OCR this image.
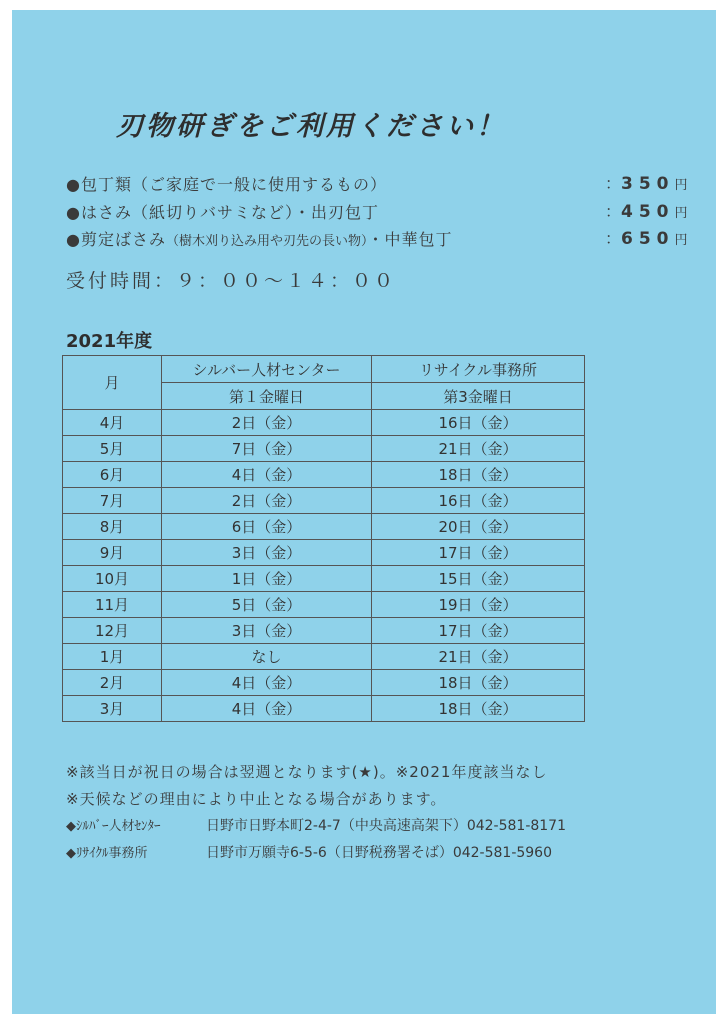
刃物研ぎをご利用ください！
●包丁類（ご家庭で一般に使用するもの）	：350円
●はさみ（紙切りバサミなど）・出刃包丁	：450円
●剪定ばさみ（樹木刈り込み用や刃先の長い物）・中華包丁	：650円
受付時間：９：００～１４：００
2021年度
月	シルバー人材センター	リサイクル事務所
	第１金曜日	第3金曜日
4月	2日（金）	16日（金）
5月	7日（金）	21日（金）
6月	4日（金）	18日（金）
7月	2日（金）	16日（金）
8月	6日（金）	20日（金）
9月	3日（金）	17日（金）
10月	1日（金）	15日（金）
11月	5日（金）	19日（金）
12月	3日（金）	17日（金）
1月	なし	21日（金）
2月	4日（金）	18日（金）
3月	4日（金）	18日（金）
※該当日が祝日の場合は翌週となります(★)。※2021年度該当なし
※天候などの理由により中止となる場合があります。
◆ｼﾙﾊﾞｰ人材ｾﾝﾀｰ	日野市日野本町2-4-7（中央高速高架下）042-581-8171
◆ﾘｻｲｸﾙ事務所	日野市万願寺6-5-6（日野税務署そば）042-581-5960
